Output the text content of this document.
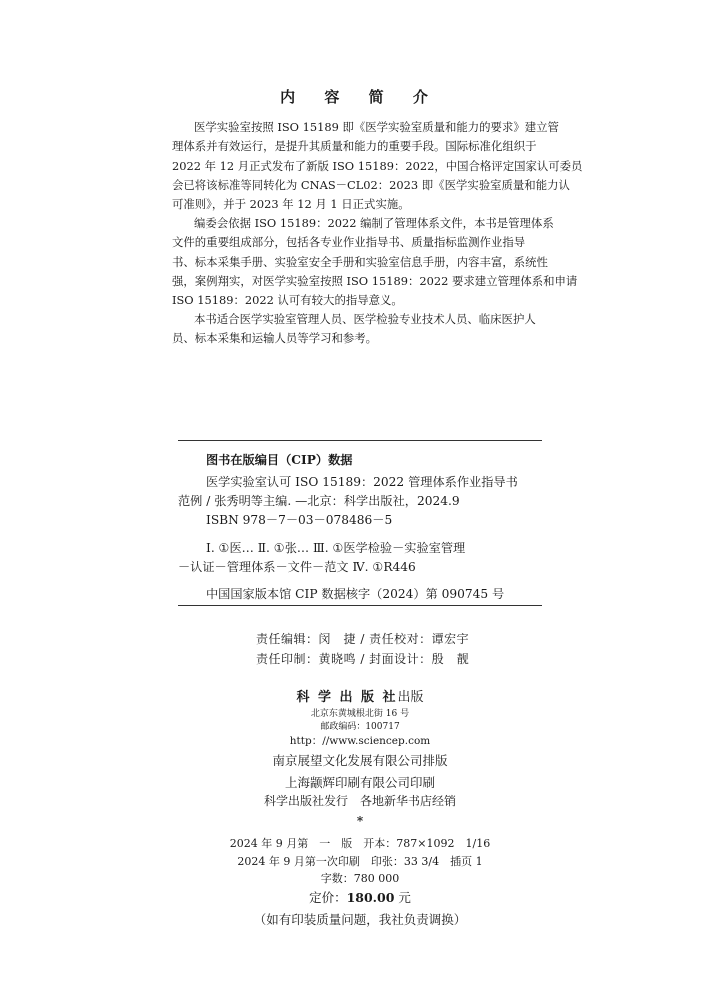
内 容 简 介
医学实验室按照 ISO 15189 即《医学实验室质量和能力的要求》建立管
理体系并有效运行，是提升其质量和能力的重要手段。国际标准化组织于
2022 年 12 月正式发布了新版 ISO 15189：2022，中国合格评定国家认可委员
会已将该标准等同转化为 CNAS－CL02：2023 即《医学实验室质量和能力认
可准则》，并于 2023 年 12 月 1 日正式实施。
编委会依据 ISO 15189：2022 编制了管理体系文件，本书是管理体系
文件的重要组成部分，包括各专业作业指导书、质量指标监测作业指导
书、标本采集手册、实验室安全手册和实验室信息手册，内容丰富，系统性
强，案例翔实，对医学实验室按照 ISO 15189：2022 要求建立管理体系和申请
ISO 15189：2022 认可有较大的指导意义。
本书适合医学实验室管理人员、医学检验专业技术人员、临床医护人
员、标本采集和运输人员等学习和参考。
图书在版编目（CIP）数据
医学实验室认可 ISO 15189：2022 管理体系作业指导书
范例 / 张秀明等主编. —北京：科学出版社，2024.9
ISBN 978－7－03－078486－5
Ⅰ. ①医… Ⅱ. ①张… Ⅲ. ①医学检验－实验室管理
－认证－管理体系－文件－范文 Ⅳ. ①R446
中国国家版本馆 CIP 数据核字（2024）第 090745 号
责任编辑：闵　捷 / 责任校对：谭宏宇
责任印制：黄晓鸣 / 封面设计：殷　靓
科 学 出 版 社出版
北京东黄城根北街 16 号
邮政编码：100717
http：//www.sciencep.com
南京展望文化发展有限公司排版
上海颛辉印刷有限公司印刷
科学出版社发行　各地新华书店经销
*
2024 年 9 月第　一　版　开本：787×1092　1/16
2024 年 9 月第一次印刷　印张：33 3/4　插页 1
字数：780 000
定价：180.00 元
（如有印装质量问题，我社负责调换）
